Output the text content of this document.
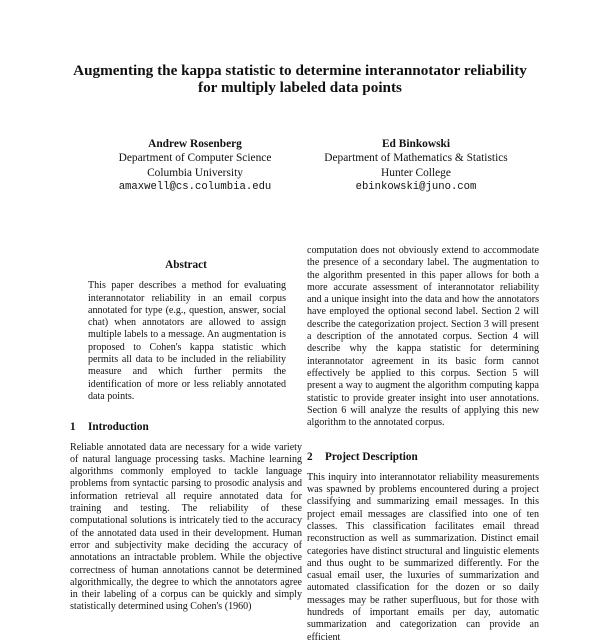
Augmenting the kappa statistic to determine interannotator reliability
for multiply labeled data points
Andrew Rosenberg
Department of Computer Science
Columbia University
amaxwell@cs.columbia.edu
Ed Binkowski
Department of Mathematics & Statistics
Hunter College
ebinkowski@juno.com
Abstract

This paper describes a method for evaluating interannotator reliability in an email corpus annotated for type (e.g., question, answer, social chat) when annotators are allowed to assign multiple labels to a message. An augmentation is proposed to Cohen's kappa statistic which permits all data to be included in the reliability measure and which further permits the identification of more or less reliably annotated data points.

1 Introduction

Reliable annotated data are necessary for a wide variety of natural language processing tasks. Machine learning algorithms commonly employed to tackle language problems from syntactic parsing to prosodic analysis and information retrieval all require annotated data for training and testing. The reliability of these computational solutions is intricately tied to the accuracy of the annotated data used in their development. Human error and subjectivity make deciding the accuracy of annotations an intractable problem. While the objective correctness of human annotations cannot be determined algorithmically, the degree to which the annotators agree in their labeling of a corpus can be quickly and simply statistically determined using Cohen's (1960)

computation does not obviously extend to accommodate the presence of a secondary label. The augmentation to the algorithm presented in this paper allows for both a more accurate assessment of interannotator reliability and a unique insight into the data and how the annotators have employed the optional second label. Section 2 will describe the categorization project. Section 3 will present a description of the annotated corpus. Section 4 will describe why the kappa statistic for determining interannotator agreement in its basic form cannot effectively be applied to this corpus. Section 5 will present a way to augment the algorithm computing kappa statistic to provide greater insight into user annotations. Section 6 will analyze the results of applying this new algorithm to the annotated corpus.

2 Project Description

This inquiry into interannotator reliability measurements was spawned by problems encountered during a project classifying and summarizing email messages. In this project email messages are classified into one of ten classes. This classification facilitates email thread reconstruction as well as summarization. Distinct email categories have distinct structural and linguistic elements and thus ought to be summarized differently. For the casual email user, the luxuries of summarization and automated classification for the dozen or so daily messages may be rather superfluous, but for those with hundreds of important emails per day, automatic summarization and categorization can provide an efficient
